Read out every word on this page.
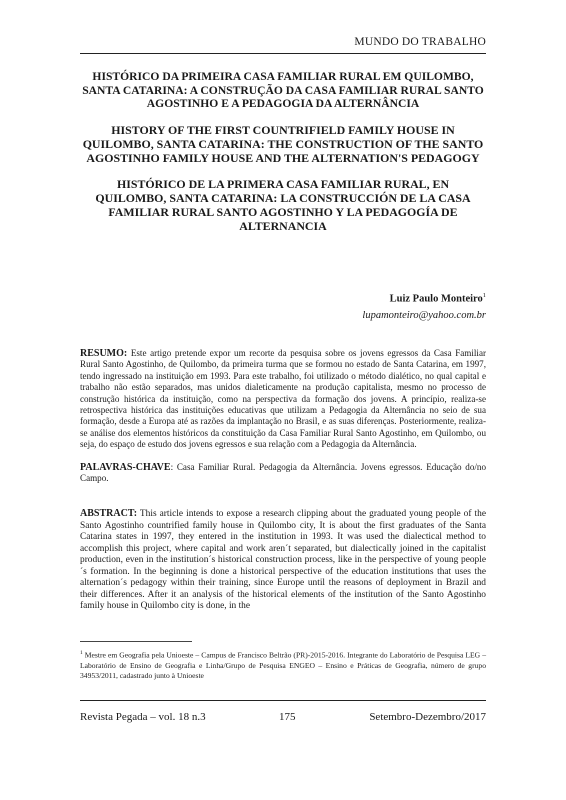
MUNDO DO TRABALHO

HISTÓRICO DA PRIMEIRA CASA FAMILIAR RURAL EM QUILOMBO, SANTA CATARINA: A CONSTRUÇÃO DA CASA FAMILIAR RURAL SANTO AGOSTINHO E A PEDAGOGIA DA ALTERNÂNCIA

HISTORY OF THE FIRST COUNTRIFIELD FAMILY HOUSE IN QUILOMBO, SANTA CATARINA: THE CONSTRUCTION OF THE SANTO AGOSTINHO FAMILY HOUSE AND THE ALTERNATION'S PEDAGOGY

HISTÓRICO DE LA PRIMERA CASA FAMILIAR RURAL, EN QUILOMBO, SANTA CATARINA: LA CONSTRUCCIÓN DE LA CASA FAMILIAR RURAL SANTO AGOSTINHO Y LA PEDAGOGÍA DE ALTERNANCIA

Luiz Paulo Monteiro$^1$
lupamonteiro@yahoo.com.br

RESUMO: Este artigo pretende expor um recorte da pesquisa sobre os jovens egressos da Casa Familiar Rural Santo Agostinho, de Quilombo, da primeira turma que se formou no estado de Santa Catarina, em 1997, tendo ingressado na instituição em 1993. Para este trabalho, foi utilizado o método dialético, no qual capital e trabalho não estão separados, mas unidos dialeticamente na produção capitalista, mesmo no processo de construção histórica da instituição, como na perspectiva da formação dos jovens. A princípio, realiza-se retrospectiva histórica das instituições educativas que utilizam a Pedagogia da Alternância no seio de sua formação, desde a Europa até as razões da implantação no Brasil, e as suas diferenças. Posteriormente, realiza-se análise dos elementos históricos da constituição da Casa Familiar Rural Santo Agostinho, em Quilombo, ou seja, do espaço de estudo dos jovens egressos e sua relação com a Pedagogia da Alternância.

PALAVRAS-CHAVE: Casa Familiar Rural. Pedagogia da Alternância. Jovens egressos. Educação do/no Campo.

ABSTRACT: This article intends to expose a research clipping about the graduated young people of the Santo Agostinho countrified family house in Quilombo city, It is about the first graduates of the Santa Catarina states in 1997, they entered in the institution in 1993. It was used the dialectical method to accomplish this project, where capital and work aren´t separated, but dialectically joined in the capitalist production, even in the institution´s historical construction process, like in the perspective of young people´s formation. In the beginning is done a historical perspective of the education institutions that uses the alternation´s pedagogy within their training, since Europe until the reasons of deployment in Brazil and their differences. After it an analysis of the historical elements of the institution of the Santo Agostinho family house in Quilombo city is done, in the

$^1$ Mestre em Geografia pela Unioeste – Campus de Francisco Beltrão (PR)-2015-2016. Integrante do Laboratório de Pesquisa LEG – Laboratório de Ensino de Geografia e Linha/Grupo de Pesquisa ENGEO – Ensino e Práticas de Geografia, número de grupo 34953/2011, cadastrado junto à Unioeste

Revista Pegada – vol. 18 n.3	175	Setembro-Dezembro/2017
